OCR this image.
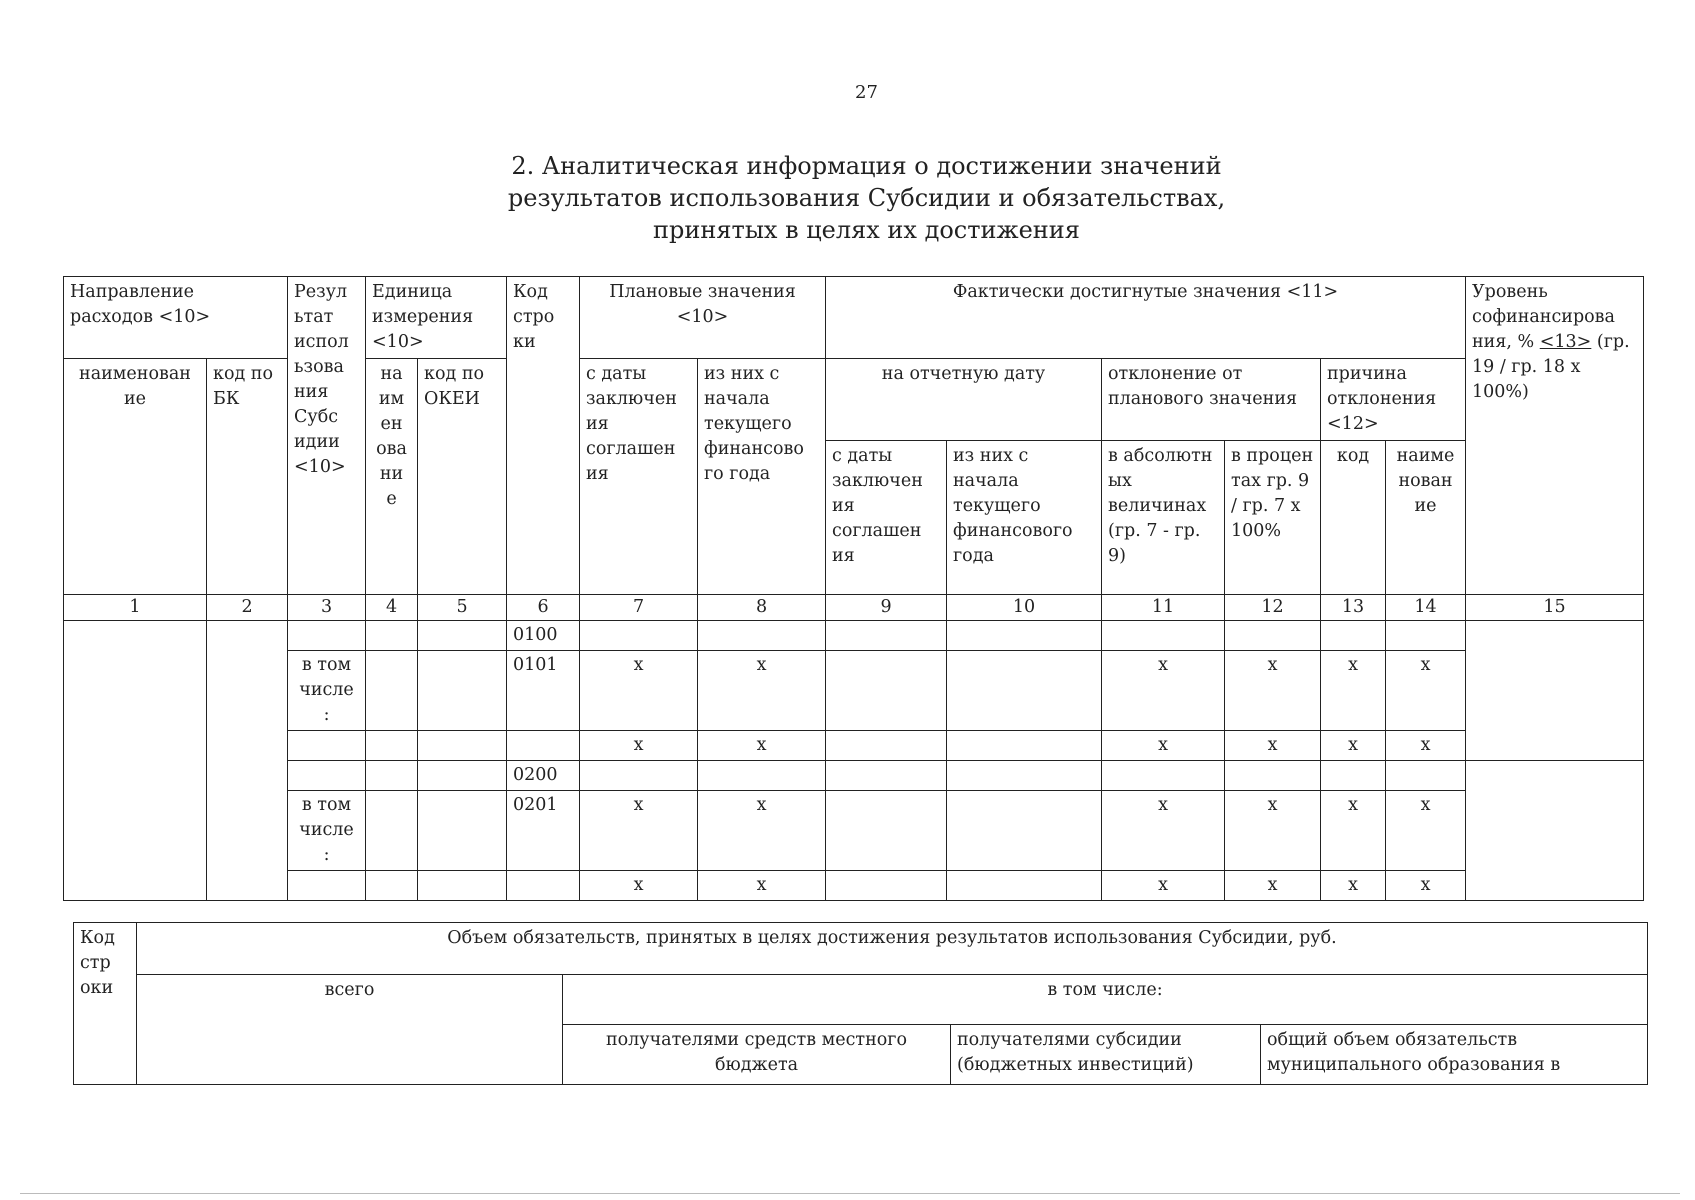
27
2. Аналитическая информация о достижении значений
результатов использования Субсидии и обязательствах,
принятых в целях их достижения
Направление расходов <10>		Резул ьтат испол ьзова ния Субс идии <10>	Единица измерения <10>		Код стро ки	Плановые значения <10>		Фактически достигнутые значения <11>						Уровень софинансирова ния, % <13> (гр. 19 / гр. 18 х 100%)
наименован ие	код по БК		на им ен ова ни е	код по ОКЕИ		с даты заключен ия соглашен ия	из них с начала текущего финансово го года	на отчетную дату		отклонение от планового значения		причина отклонения <12>		
								с даты заключен ия соглашен ия	из них с начала текущего финансового года	в абсолютн ых величинах (гр. 7 - гр. 9)	в процен тах гр. 9 / гр. 7 х 100%	код	наиме нован ие	
1	2	3	4	5	6	7	8	9	10	11	12	13	14	15
					0100									
		в том числе :			0101	х	х			х	х	х	х	
						х	х			х	х	х	х	
					0200									
		в том числе :			0201	х	х			х	х	х	х	
						х	х			х	х	х	х	
Код стр оки	Объем обязательств, принятых в целях достижения результатов использования Субсидии, руб.			
	всего	в том числе:		
		получателями средств местного бюджета	получателями субсидии (бюджетных инвестиций)	общий объем обязательств муниципального образования в
